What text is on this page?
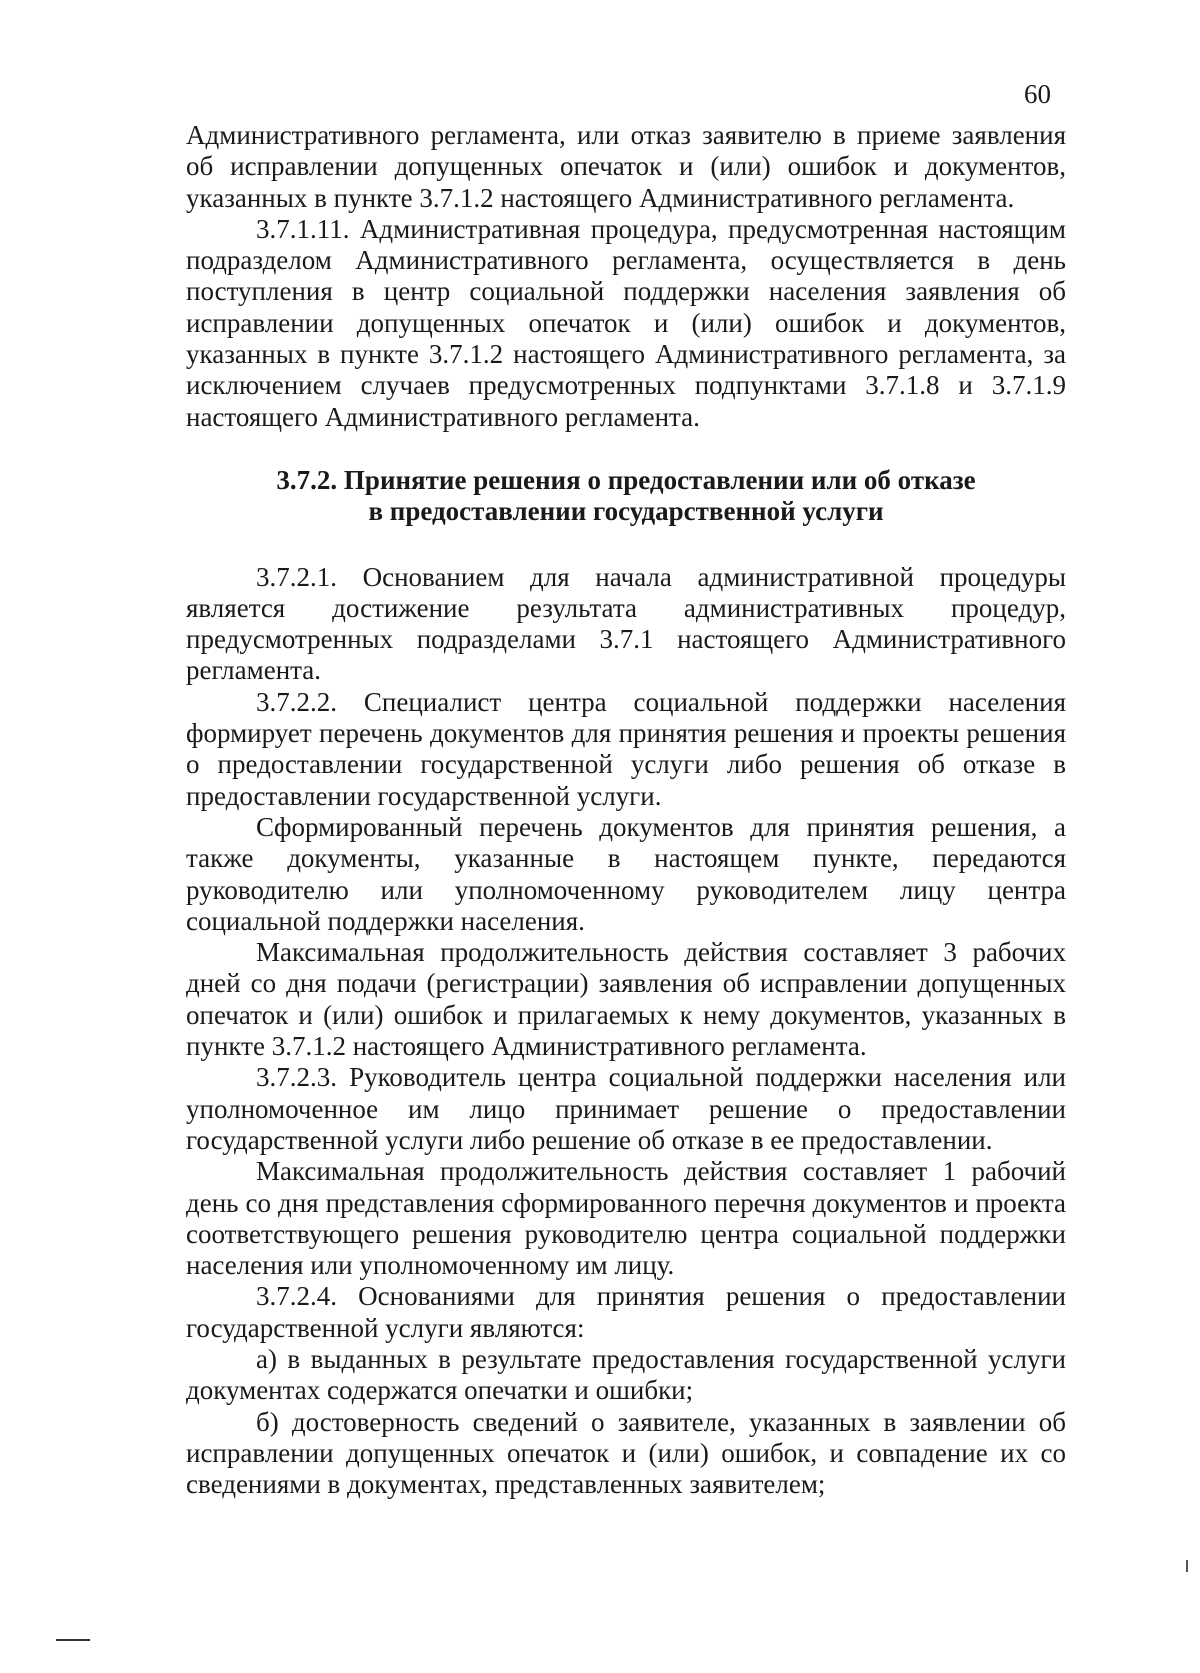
60

Административного регламента, или отказ заявителю в приеме заявления об исправлении допущенных опечаток и (или) ошибок и документов, указанных в пункте 3.7.1.2 настоящего Административного регламента.

3.7.1.11. Административная процедура, предусмотренная настоящим подразделом Административного регламента, осуществляется в день поступления в центр социальной поддержки населения заявления об исправлении допущенных опечаток и (или) ошибок и документов, указанных в пункте 3.7.1.2 настоящего Административного регламента, за исключением случаев предусмотренных подпунктами 3.7.1.8 и 3.7.1.9 настоящего Административного регламента.

3.7.2. Принятие решения о предоставлении или об отказе
в предоставлении государственной услуги

3.7.2.1. Основанием для начала административной процедуры является достижение результата административных процедур, предусмотренных подразделами 3.7.1 настоящего Административного регламента.

3.7.2.2. Специалист центра социальной поддержки населения формирует перечень документов для принятия решения и проекты решения о предоставлении государственной услуги либо решения об отказе в предоставлении государственной услуги.

Сформированный перечень документов для принятия решения, а также документы, указанные в настоящем пункте, передаются руководителю или уполномоченному руководителем лицу центра социальной поддержки населения.

Максимальная продолжительность действия составляет 3 рабочих дней со дня подачи (регистрации) заявления об исправлении допущенных опечаток и (или) ошибок и прилагаемых к нему документов, указанных в пункте 3.7.1.2 настоящего Административного регламента.

3.7.2.3. Руководитель центра социальной поддержки населения или уполномоченное им лицо принимает решение о предоставлении государственной услуги либо решение об отказе в ее предоставлении.

Максимальная продолжительность действия составляет 1 рабочий день со дня представления сформированного перечня документов и проекта соответствующего решения руководителю центра социальной поддержки населения или уполномоченному им лицу.

3.7.2.4. Основаниями для принятия решения о предоставлении государственной услуги являются:

а) в выданных в результате предоставления государственной услуги документах содержатся опечатки и ошибки;

б) достоверность сведений о заявителе, указанных в заявлении об исправлении допущенных опечаток и (или) ошибок, и совпадение их со сведениями в документах, представленных заявителем;
